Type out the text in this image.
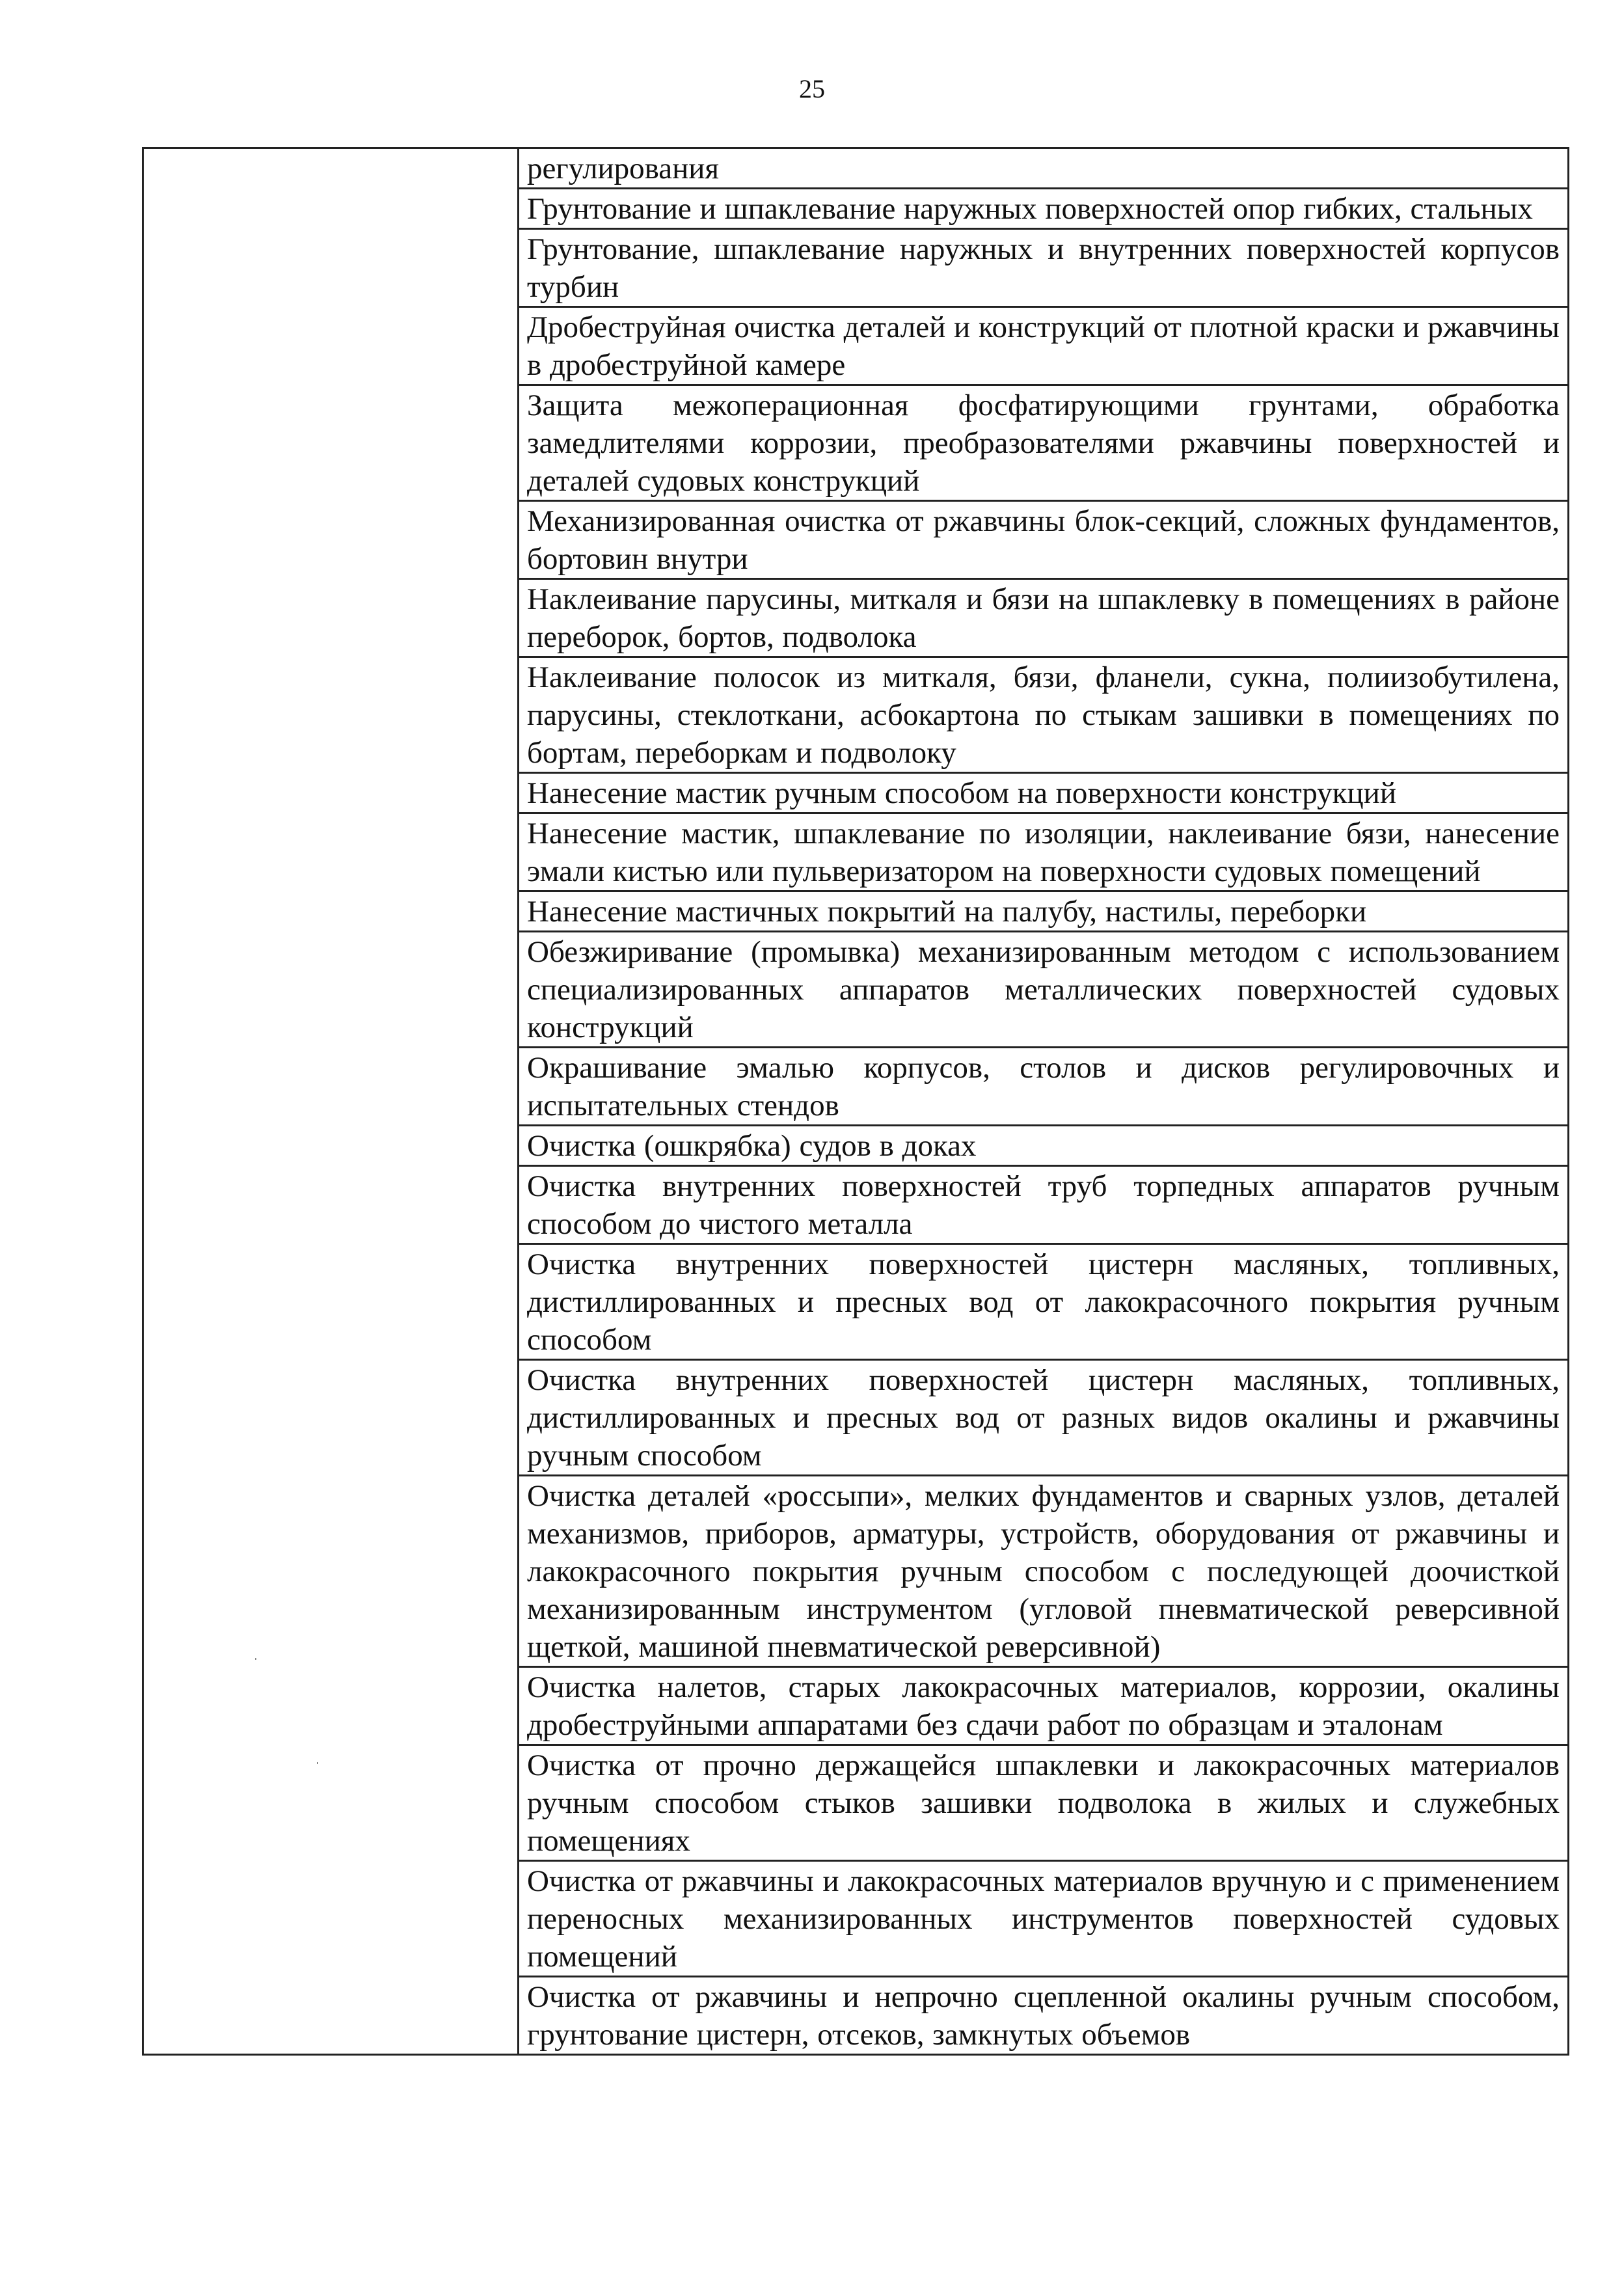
25
	регулирования
Грунтование и шпаклевание наружных поверхностей опор гибких, стальных
Грунтование, шпаклевание наружных и внутренних поверхностей корпусов турбин
Дробеструйная очистка деталей и конструкций от плотной краски и ржавчины в дробеструйной камере
Защита межоперационная фосфатирующими грунтами, обработка замедлителями коррозии, преобразователями ржавчины поверхностей и деталей судовых конструкций
Механизированная очистка от ржавчины блок-секций, сложных фундаментов, бортовин внутри
Наклеивание парусины, миткаля и бязи на шпаклевку в помещениях в районе переборок, бортов, подволока
Наклеивание полосок из миткаля, бязи, фланели, сукна, полиизобутилена, парусины, стеклоткани, асбокартона по стыкам зашивки в помещениях по бортам, переборкам и подволоку
Нанесение мастик ручным способом на поверхности конструкций
Нанесение мастик, шпаклевание по изоляции, наклеивание бязи, нанесение эмали кистью или пульверизатором на поверхности судовых помещений
Нанесение мастичных покрытий на палубу, настилы, переборки
Обезжиривание (промывка) механизированным методом с использованием специализированных аппаратов металлических поверхностей судовых конструкций
Окрашивание эмалью корпусов, столов и дисков регулировочных и испытательных стендов
Очистка (ошкрябка) судов в доках
Очистка внутренних поверхностей труб торпедных аппаратов ручным способом до чистого металла
Очистка внутренних поверхностей цистерн масляных, топливных, дистиллированных и пресных вод от лакокрасочного покрытия ручным способом
Очистка внутренних поверхностей цистерн масляных, топливных, дистиллированных и пресных вод от разных видов окалины и ржавчины ручным способом
Очистка деталей «россыпи», мелких фундаментов и сварных узлов, деталей механизмов, приборов, арматуры, устройств, оборудования от ржавчины и лакокрасочного покрытия ручным способом с последующей доочисткой механизированным инструментом (угловой пневматической реверсивной щеткой, машиной пневматической реверсивной)
Очистка налетов, старых лакокрасочных материалов, коррозии, окалины дробеструйными аппаратами без сдачи работ по образцам и эталонам
Очистка от прочно держащейся шпаклевки и лакокрасочных материалов ручным способом стыков зашивки подволока в жилых и служебных помещениях
Очистка от ржавчины и лакокрасочных материалов вручную и с применением переносных механизированных инструментов поверхностей судовых помещений
Очистка от ржавчины и непрочно сцепленной окалины ручным способом, грунтование цистерн, отсеков, замкнутых объемов
